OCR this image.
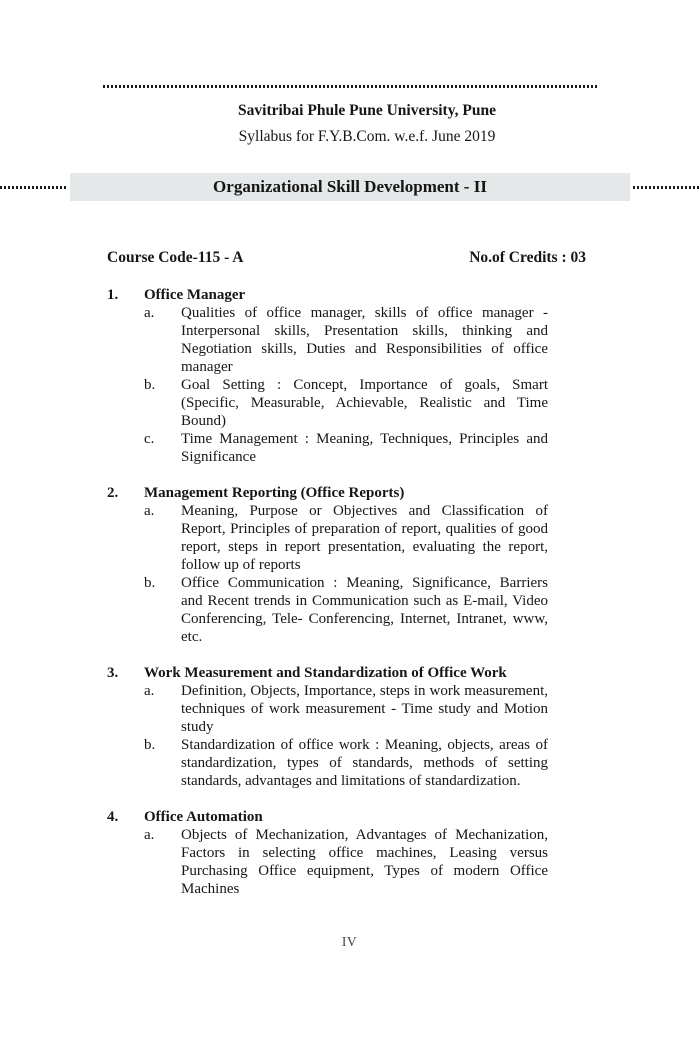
Savitribai Phule Pune University, Pune
Syllabus for F.Y.B.Com. w.e.f. June 2019
Organizational Skill Development - II
Course Code-115 - A	No.of Credits : 03
1.	Office Manager
a.	Qualities of office manager, skills of office manager - Interpersonal skills, Presentation skills, thinking and Negotiation skills, Duties and Responsibilities of office manager
b.	Goal Setting : Concept, Importance of goals, Smart (Specific, Measurable, Achievable, Realistic and Time Bound)
c.	Time Management : Meaning, Techniques, Principles and Significance
2.	Management Reporting (Office Reports)
a.	Meaning, Purpose or Objectives and Classification of Report, Principles of preparation of report, qualities of good report, steps in report presentation, evaluating the report, follow up of reports
b.	Office Communication : Meaning, Significance, Barriers and Recent trends in Communication such as E-mail, Video Conferencing, Tele- Conferencing, Internet, Intranet, www, etc.
3.	Work Measurement and Standardization of Office Work
a.	Definition, Objects, Importance, steps in work measurement, techniques of work measurement - Time study and Motion study
b.	Standardization of office work : Meaning, objects, areas of standardization, types of standards, methods of setting standards, advantages and limitations of standardization.
4.	Office Automation
a.	Objects of Mechanization, Advantages of Mechanization, Factors in selecting office machines, Leasing versus Purchasing Office equipment, Types of modern Office Machines
IV
